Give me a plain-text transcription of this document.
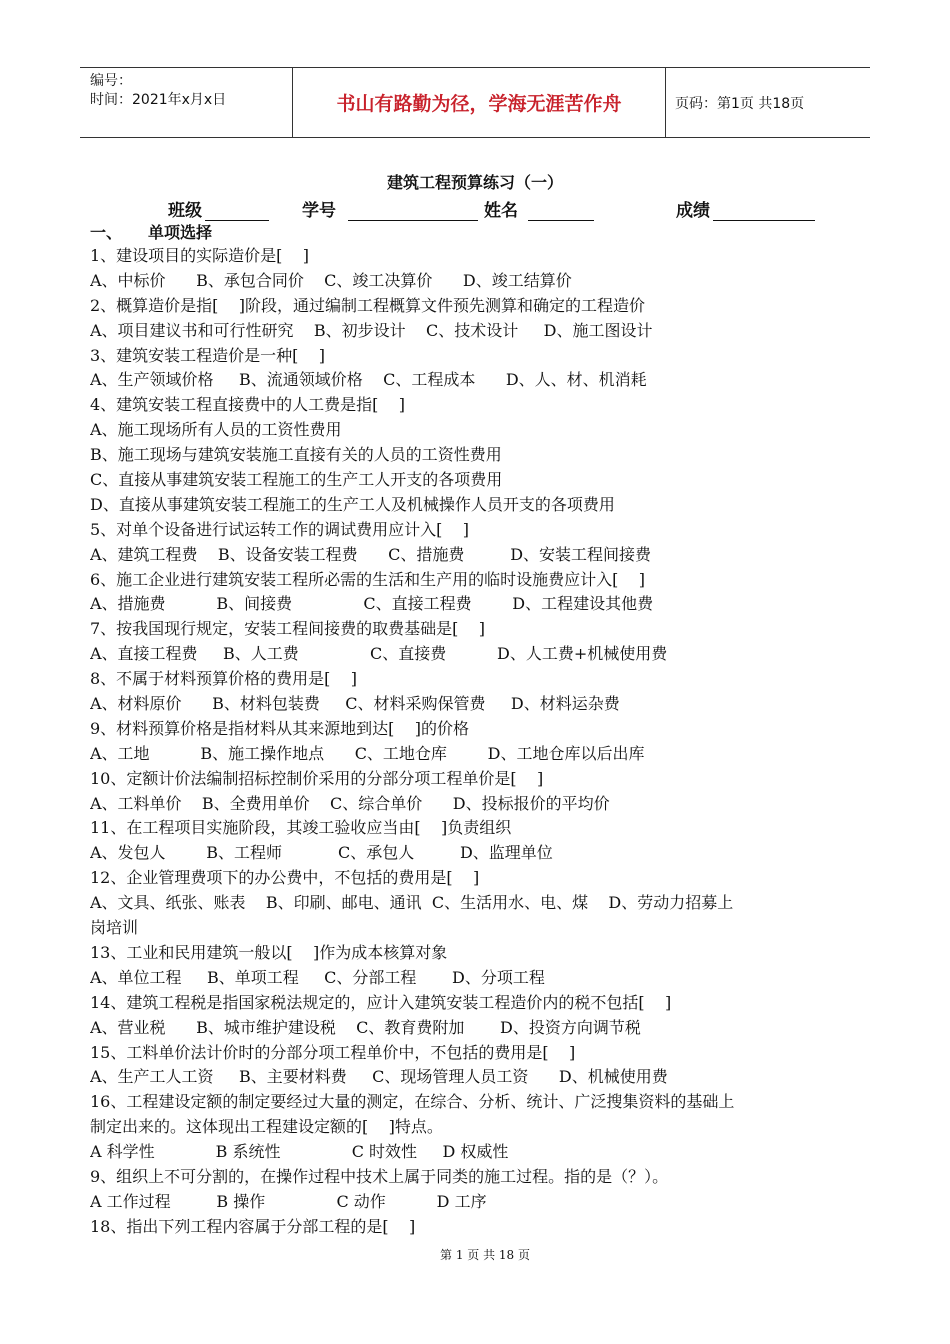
编号：
时间：2021年x月x日	书山有路勤为径，学海无涯苦作舟	页码：第1页 共18页
建筑工程预算练习（一）
班级	学号	姓名	成绩
一、 单项选择
1、建设项目的实际造价是[    ]
A、中标价      B、承包合同价    C、竣工决算价      D、竣工结算价
2、概算造价是指[    ]阶段，通过编制工程概算文件预先测算和确定的工程造价
A、项目建议书和可行性研究    B、初步设计    C、技术设计     D、施工图设计
3、建筑安装工程造价是一种[    ]
A、生产领域价格     B、流通领域价格    C、工程成本      D、人、材、机消耗
4、建筑安装工程直接费中的人工费是指[    ]
A、施工现场所有人员的工资性费用
B、施工现场与建筑安装施工直接有关的人员的工资性费用
C、直接从事建筑安装工程施工的生产工人开支的各项费用
D、直接从事建筑安装工程施工的生产工人及机械操作人员开支的各项费用
5、对单个设备进行试运转工作的调试费用应计入[    ]
A、建筑工程费    B、设备安装工程费      C、措施费         D、安装工程间接费
6、施工企业进行建筑安装工程所必需的生活和生产用的临时设施费应计入[    ]
A、措施费          B、间接费              C、直接工程费        D、工程建设其他费
7、按我国现行规定，安装工程间接费的取费基础是[    ]
A、直接工程费     B、人工费              C、直接费          D、人工费+机械使用费
8、不属于材料预算价格的费用是[    ]
A、材料原价      B、材料包装费     C、材料采购保管费     D、材料运杂费
9、材料预算价格是指材料从其来源地到达[    ]的价格
A、工地          B、施工操作地点      C、工地仓库        D、工地仓库以后出库
10、定额计价法编制招标控制价采用的分部分项工程单价是[    ]
A、工料单价    B、全费用单价    C、综合单价      D、投标报价的平均价
11、在工程项目实施阶段，其竣工验收应当由[    ]负责组织
A、发包人        B、工程师           C、承包人         D、监理单位
12、企业管理费项下的办公费中，不包括的费用是[    ]
A、文具、纸张、账表    B、印刷、邮电、通讯  C、生活用水、电、煤    D、劳动力招募上
岗培训
13、工业和民用建筑一般以[    ]作为成本核算对象
A、单位工程     B、单项工程     C、分部工程       D、分项工程
14、建筑工程税是指国家税法规定的，应计入建筑安装工程造价内的税不包括[    ]
A、营业税      B、城市维护建设税    C、教育费附加       D、投资方向调节税
15、工料单价法计价时的分部分项工程单价中，不包括的费用是[    ]
A、生产工人工资     B、主要材料费     C、现场管理人员工资      D、机械使用费
16、工程建设定额的制定要经过大量的测定，在综合、分析、统计、广泛搜集资料的基础上
制定出来的。这体现出工程建设定额的[    ]特点。
A 科学性            B 系统性              C 时效性     D 权威性
9、组织上不可分割的，在操作过程中技术上属于同类的施工过程。指的是（？）。
A 工作过程         B 操作              C 动作          D 工序
18、指出下列工程内容属于分部工程的是[    ]
第 1 页 共 18 页
